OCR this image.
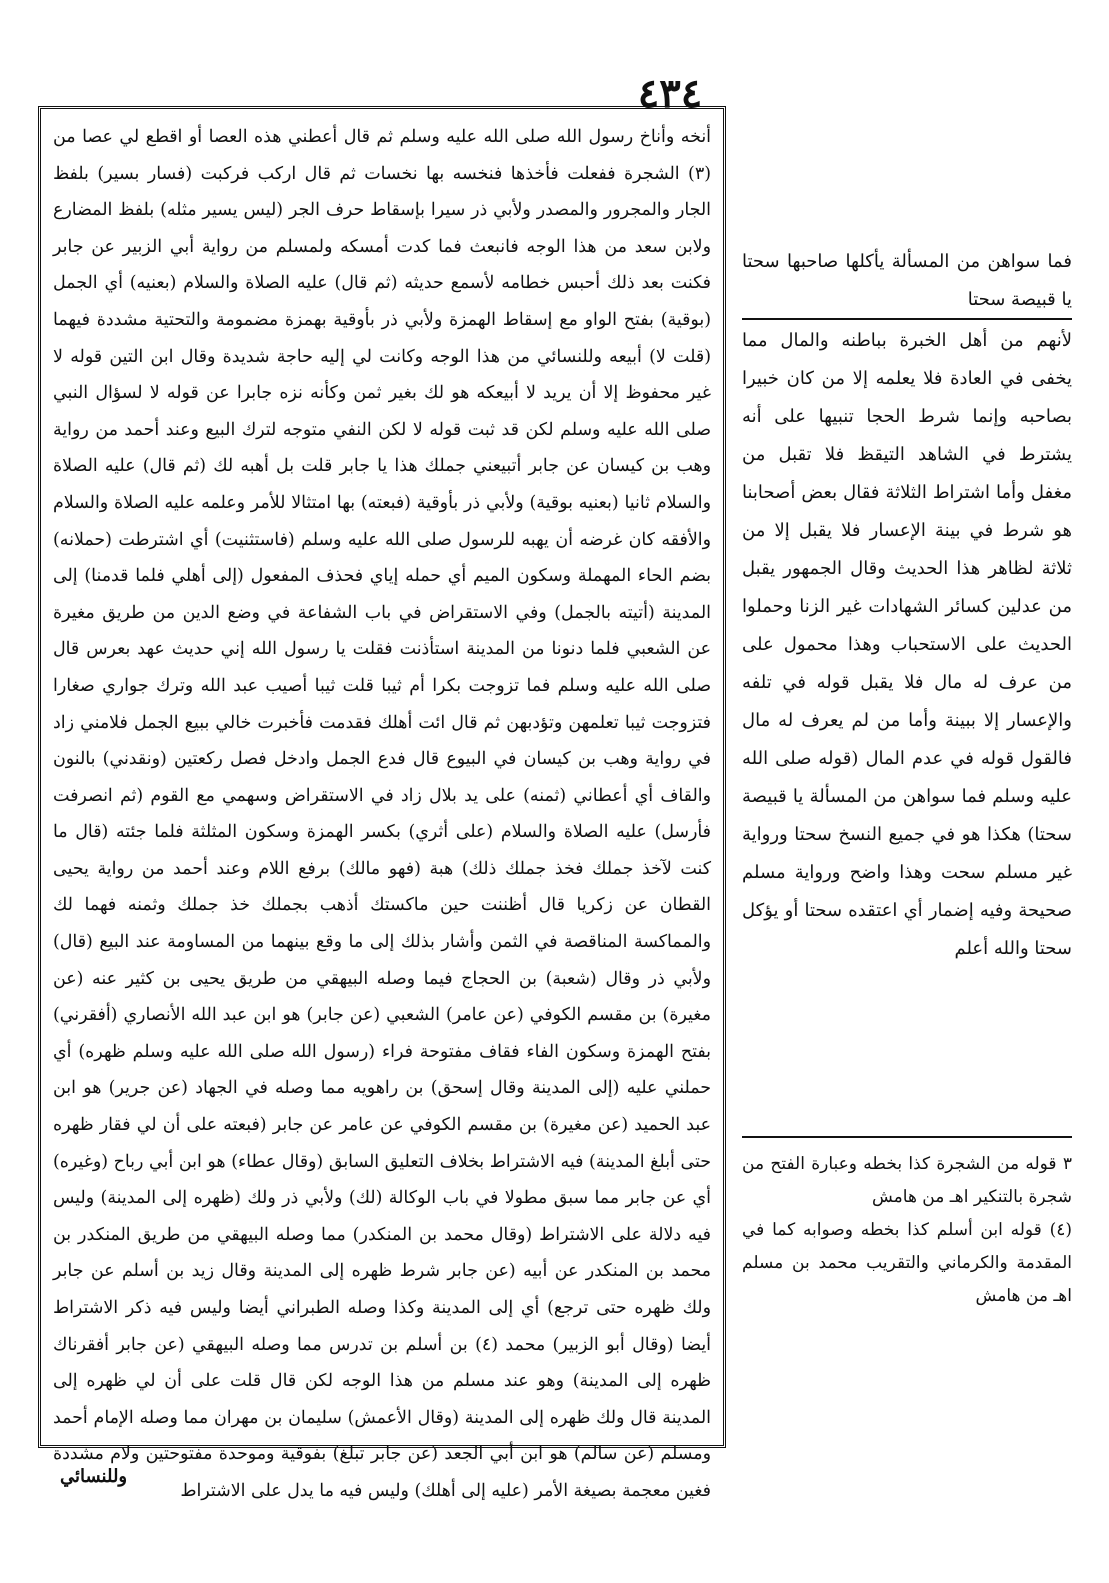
٤٣٤

أنخه وأناخ رسول الله صلى الله عليه وسلم ثم قال أعطني هذه العصا أو اقطع لي عصا من (٣) الشجرة ففعلت فأخذها فنخسه بها نخسات ثم قال اركب فركبت (فسار بسير) بلفظ الجار والمجرور والمصدر ولأبي ذر سيرا بإسقاط حرف الجر (ليس يسير مثله) بلفظ المضارع ولابن سعد من هذا الوجه فانبعث فما كدت أمسكه ولمسلم من رواية أبي الزبير عن جابر فكنت بعد ذلك أحبس خطامه لأسمع حديثه (ثم قال) عليه الصلاة والسلام (بعنيه) أي الجمل (بوقية) بفتح الواو مع إسقاط الهمزة ولأبي ذر بأوقية بهمزة مضمومة والتحتية مشددة فيهما (قلت لا) أبيعه وللنسائي من هذا الوجه وكانت لي إليه حاجة شديدة وقال ابن التين قوله لا غير محفوظ إلا أن يريد لا أبيعكه هو لك بغير ثمن وكأنه نزه جابرا عن قوله لا لسؤال النبي صلى الله عليه وسلم لكن قد ثبت قوله لا لكن النفي متوجه لترك البيع وعند أحمد من رواية وهب بن كيسان عن جابر أتبيعني جملك هذا يا جابر قلت بل أهبه لك (ثم قال) عليه الصلاة والسلام ثانيا (بعنيه بوقية) ولأبي ذر بأوقية (فبعته) بها امتثالا للأمر وعلمه عليه الصلاة والسلام والأفقه كان غرضه أن يهبه للرسول صلى الله عليه وسلم (فاستثنيت) أي اشترطت (حملانه) بضم الحاء المهملة وسكون الميم أي حمله إياي فحذف المفعول (إلى أهلي فلما قدمنا) إلى المدينة (أتيته بالجمل) وفي الاستقراض في باب الشفاعة في وضع الدين من طريق مغيرة عن الشعبي فلما دنونا من المدينة استأذنت فقلت يا رسول الله إني حديث عهد بعرس قال صلى الله عليه وسلم فما تزوجت بكرا أم ثيبا قلت ثيبا أصيب عبد الله وترك جواري صغارا فتزوجت ثيبا تعلمهن وتؤدبهن ثم قال ائت أهلك فقدمت فأخبرت خالي ببيع الجمل فلامني زاد في رواية وهب بن كيسان في البيوع قال فدع الجمل وادخل فصل ركعتين (ونقدني) بالنون والقاف أي أعطاني (ثمنه) على يد بلال زاد في الاستقراض وسهمي مع القوم (ثم انصرفت فأرسل) عليه الصلاة والسلام (على أثري) بكسر الهمزة وسكون المثلثة فلما جئته (قال ما كنت لآخذ جملك فخذ جملك ذلك) هبة (فهو مالك) برفع اللام وعند أحمد من رواية يحيى القطان عن زكريا قال أظننت حين ماكستك أذهب بجملك خذ جملك وثمنه فهما لك والمماكسة المناقصة في الثمن وأشار بذلك إلى ما وقع بينهما من المساومة عند البيع (قال) ولأبي ذر وقال (شعبة) بن الحجاج فيما وصله البيهقي من طريق يحيى بن كثير عنه (عن مغيرة) بن مقسم الكوفي (عن عامر) الشعبي (عن جابر) هو ابن عبد الله الأنصاري (أفقرني) بفتح الهمزة وسكون الفاء فقاف مفتوحة فراء (رسول الله صلى الله عليه وسلم ظهره) أي حملني عليه (إلى المدينة وقال إسحق) بن راهويه مما وصله في الجهاد (عن جرير) هو ابن عبد الحميد (عن مغيرة) بن مقسم الكوفي عن عامر عن جابر (فبعته على أن لي فقار ظهره حتى أبلغ المدينة) فيه الاشتراط بخلاف التعليق السابق (وقال عطاء) هو ابن أبي رباح (وغيره) أي عن جابر مما سبق مطولا في باب الوكالة (لك) ولأبي ذر ولك (ظهره إلى المدينة) وليس فيه دلالة على الاشتراط (وقال محمد بن المنكدر) مما وصله البيهقي من طريق المنكدر بن محمد بن المنكدر عن أبيه (عن جابر شرط ظهره إلى المدينة وقال زيد بن أسلم عن جابر ولك ظهره حتى ترجع) أي إلى المدينة وكذا وصله الطبراني أيضا وليس فيه ذكر الاشتراط أيضا (وقال أبو الزبير) محمد (٤) بن أسلم بن تدرس مما وصله البيهقي (عن جابر أفقرناك ظهره إلى المدينة) وهو عند مسلم من هذا الوجه لكن قال قلت على أن لي ظهره إلى المدينة قال ولك ظهره إلى المدينة (وقال الأعمش) سليمان بن مهران مما وصله الإمام أحمد ومسلم (عن سالم) هو ابن أبي الجعد (عن جابر تبلغ) بفوقية وموحدة مفتوحتين ولام مشددة فغين معجمة بصيغة الأمر (عليه إلى أهلك) وليس فيه ما يدل على الاشتراط

فما سواهن من المسألة يأكلها صاحبها سحتا يا قبيصة سحتا
لأنهم من أهل الخبرة بباطنه والمال مما يخفى في العادة فلا يعلمه إلا من كان خبيرا بصاحبه وإنما شرط الحجا تنبيها على أنه يشترط في الشاهد التيقظ فلا تقبل من مغفل وأما اشتراط الثلاثة فقال بعض أصحابنا هو شرط في بينة الإعسار فلا يقبل إلا من ثلاثة لظاهر هذا الحديث وقال الجمهور يقبل من عدلين كسائر الشهادات غير الزنا وحملوا الحديث على الاستحباب وهذا محمول على من عرف له مال فلا يقبل قوله في تلفه والإعسار إلا ببينة وأما من لم يعرف له مال فالقول قوله في عدم المال (قوله صلى الله عليه وسلم فما سواهن من المسألة يا قبيصة سحتا) هكذا هو في جميع النسخ سحتا ورواية غير مسلم سحت وهذا واضح ورواية مسلم صحيحة وفيه إضمار أي اعتقده سحتا أو يؤكل سحتا والله أعلم
٣ قوله من الشجرة كذا بخطه وعبارة الفتح من شجرة بالتنكير اهـ من هامش
(٤) قوله ابن أسلم كذا بخطه وصوابه كما في المقدمة والكرماني والتقريب محمد بن مسلم اهـ من هامش
وللنسائي
